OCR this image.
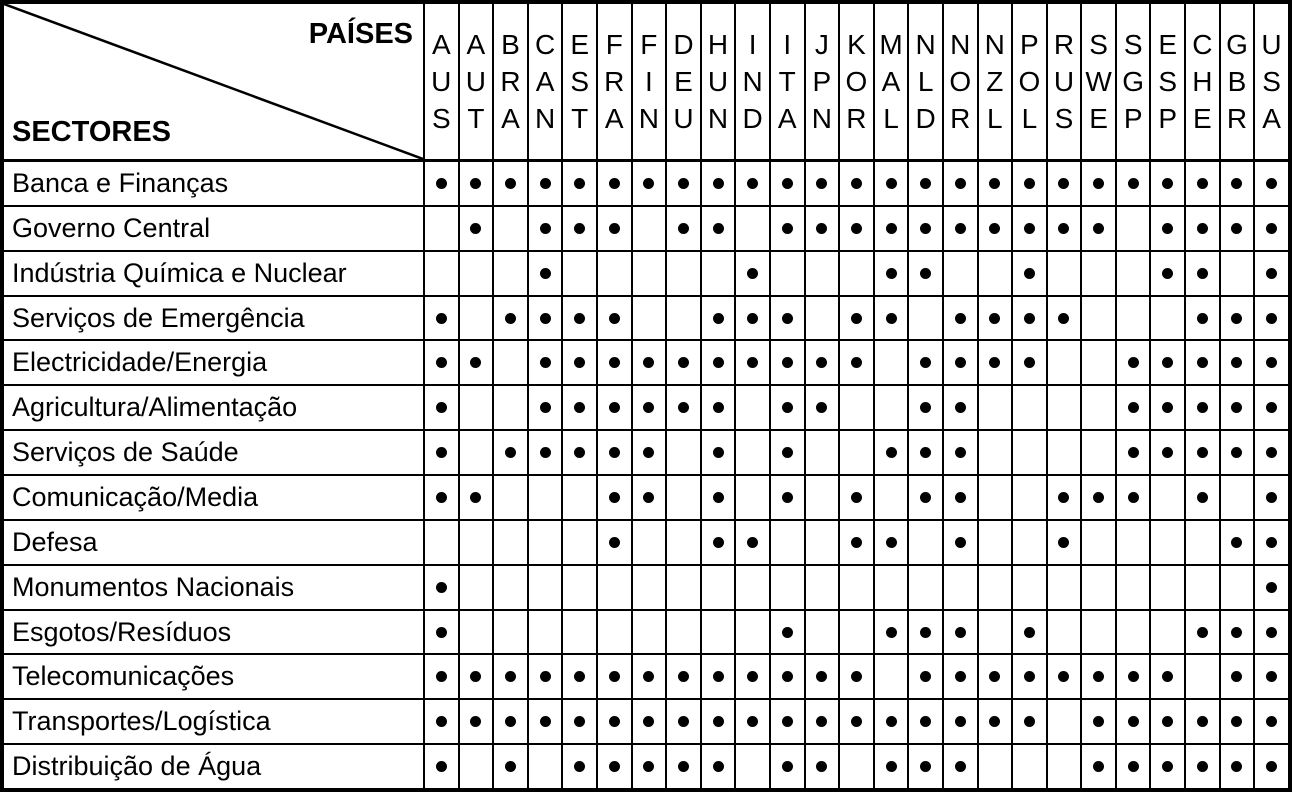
PAÍSES
SECTORES
A
U
S
A
U
T
B
R
A
C
A
N
E
S
T
F
R
A
F
I
N
D
E
U
H
U
N
I
N
D
I
T
A
J
P
N
K
O
R
M
A
L
N
L
D
N
O
R
N
Z
L
P
O
L
R
U
S
S
W
E
S
G
P
E
S
P
C
H
E
G
B
R
U
S
A
Banca e Finanças
Governo Central
Indústria Química e Nuclear
Serviços de Emergência
Electricidade/Energia
Agricultura/Alimentação
Serviços de Saúde
Comunicação/Media
Defesa
Monumentos Nacionais
Esgotos/Resíduos
Telecomunicações
Transportes/Logística
Distribuição de Água
